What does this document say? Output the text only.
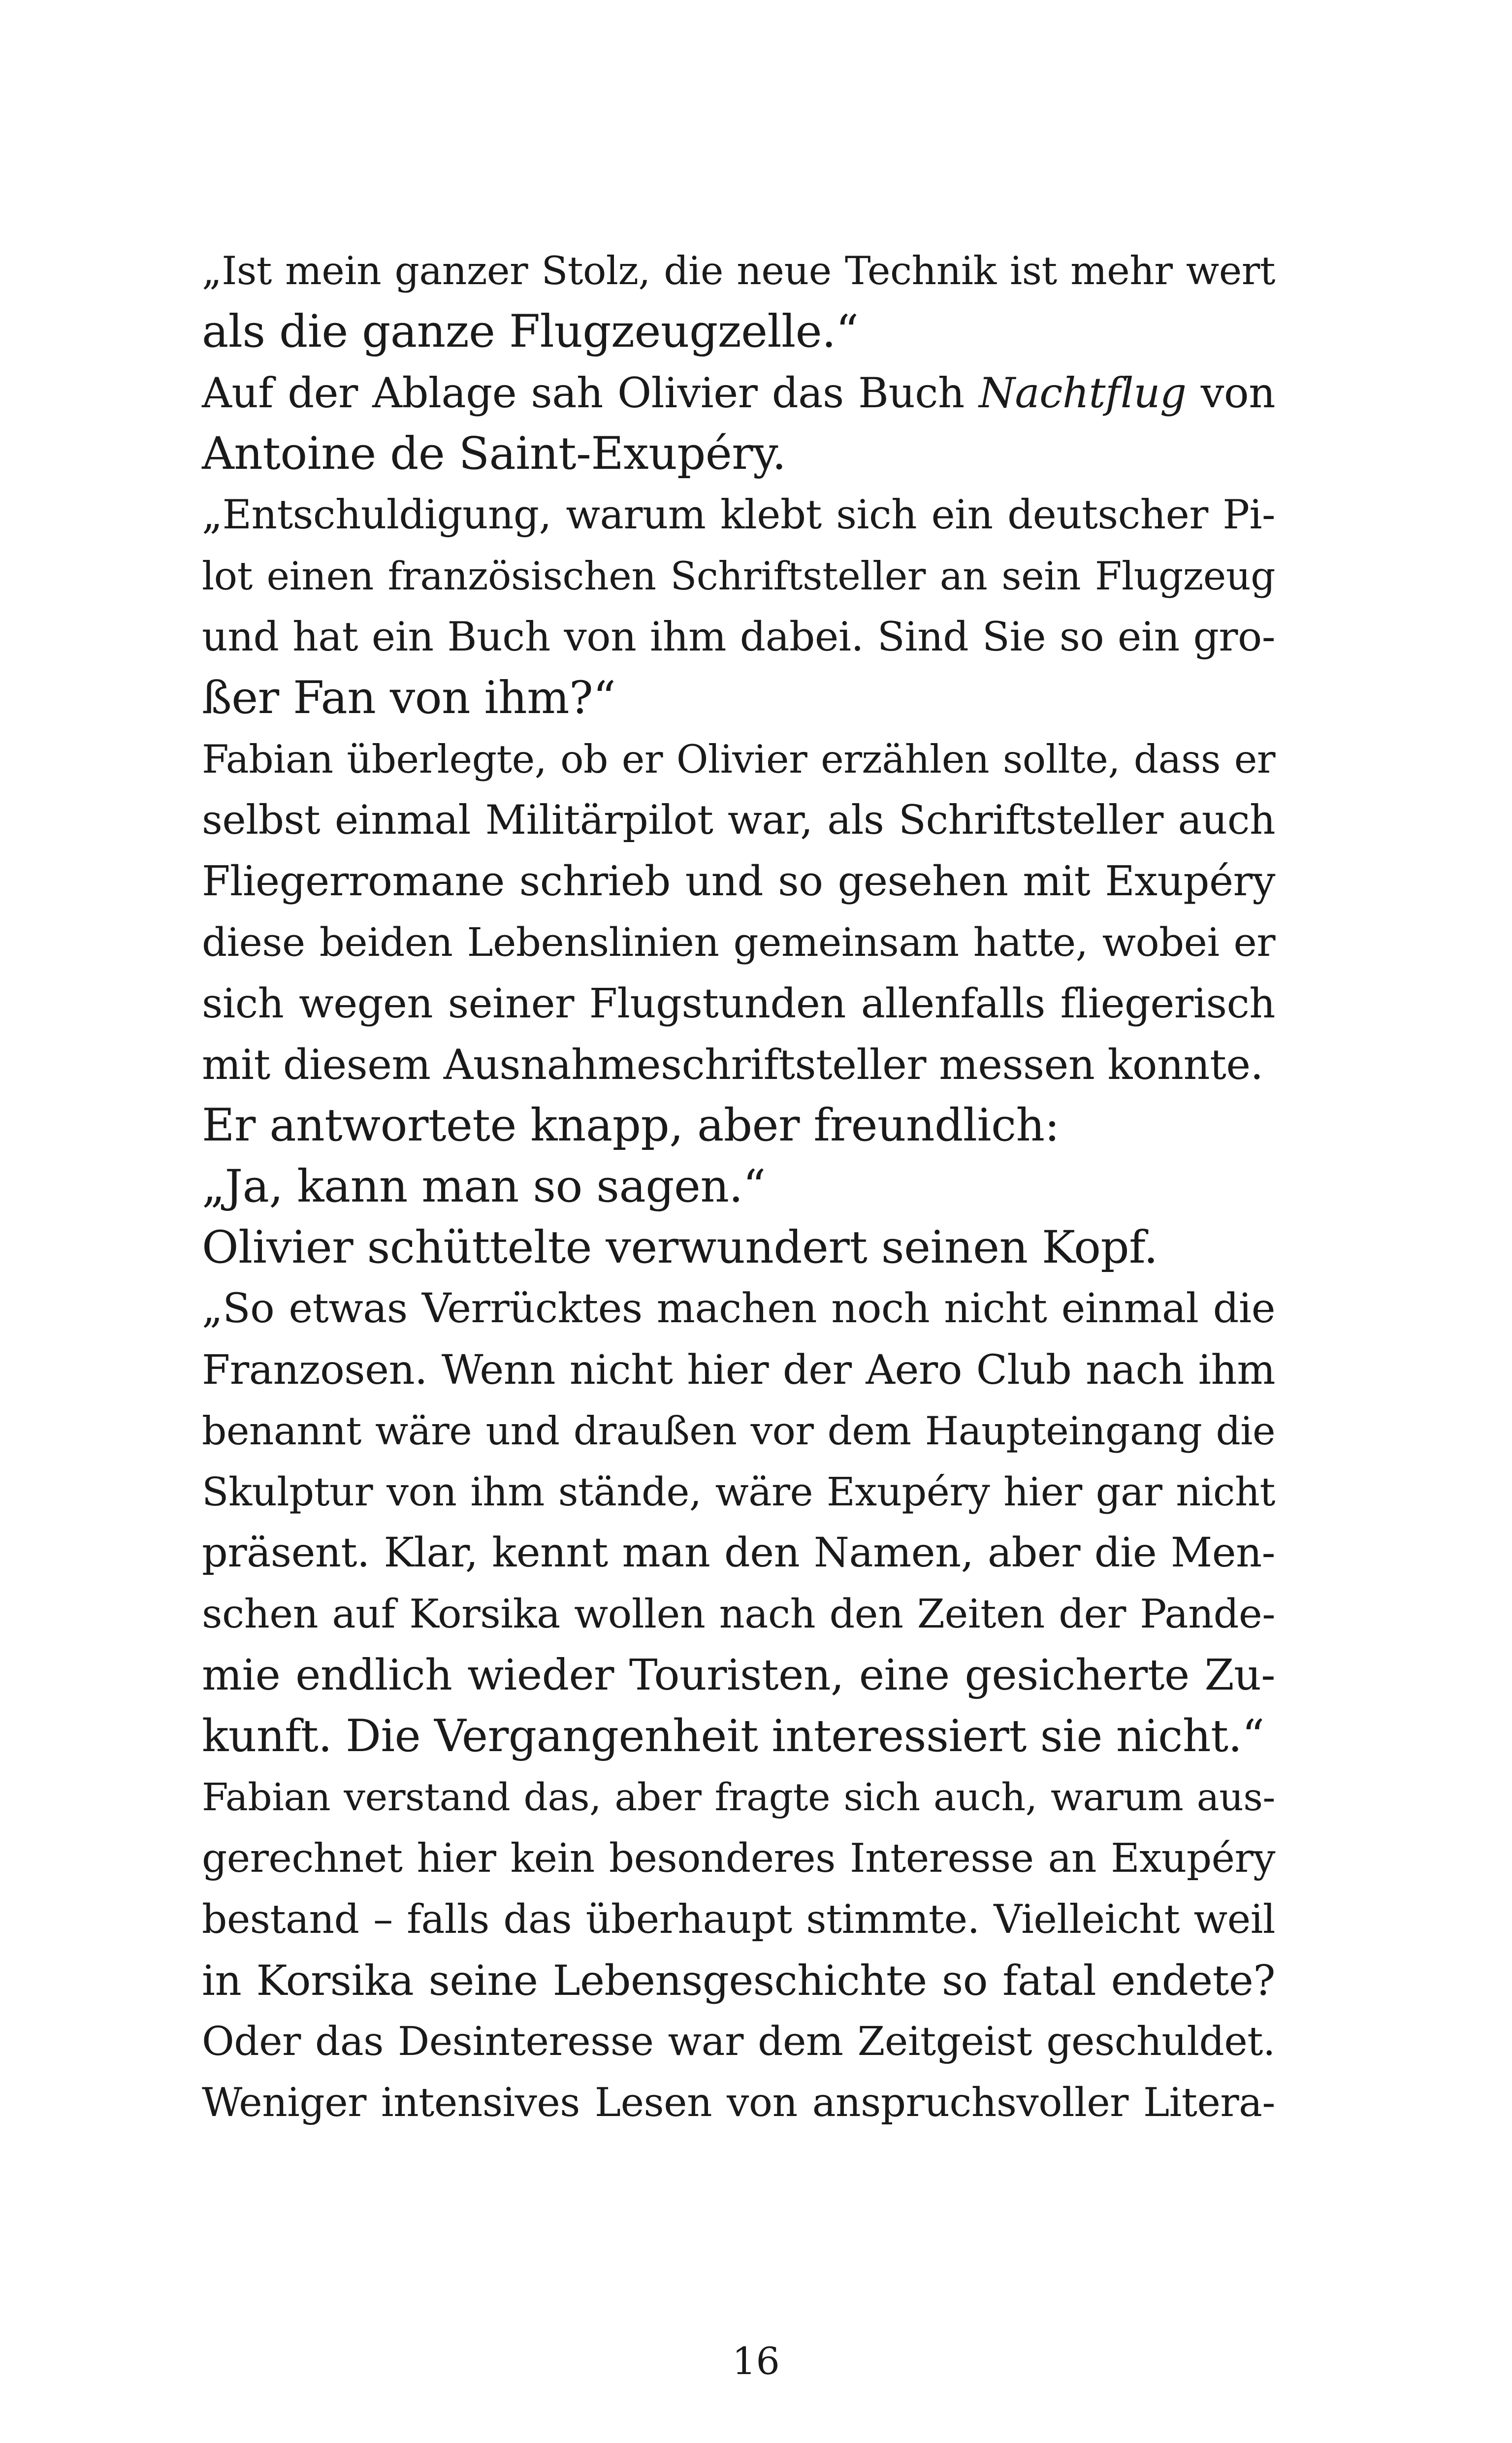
„Ist mein ganzer Stolz, die neue Technik ist mehr wert
als die ganze Flugzeugzelle.“
Auf der Ablage sah Olivier das Buch Nachtflug von
Antoine de Saint-Exupéry.
„Entschuldigung, warum klebt sich ein deutscher Pi-
lot einen französischen Schriftsteller an sein Flugzeug
und hat ein Buch von ihm dabei. Sind Sie so ein gro-
ßer Fan von ihm?“
Fabian überlegte, ob er Olivier erzählen sollte, dass er
selbst einmal Militärpilot war, als Schriftsteller auch
Fliegerromane schrieb und so gesehen mit Exupéry
diese beiden Lebenslinien gemeinsam hatte, wobei er
sich wegen seiner Flugstunden allenfalls fliegerisch
mit diesem Ausnahmeschriftsteller messen konnte.
Er antwortete knapp, aber freundlich:
„Ja, kann man so sagen.“
Olivier schüttelte verwundert seinen Kopf.
„So etwas Verrücktes machen noch nicht einmal die
Franzosen. Wenn nicht hier der Aero Club nach ihm
benannt wäre und draußen vor dem Haupteingang die
Skulptur von ihm stände, wäre Exupéry hier gar nicht
präsent. Klar, kennt man den Namen, aber die Men-
schen auf Korsika wollen nach den Zeiten der Pande-
mie endlich wieder Touristen, eine gesicherte Zu-
kunft. Die Vergangenheit interessiert sie nicht.“
Fabian verstand das, aber fragte sich auch, warum aus-
gerechnet hier kein besonderes Interesse an Exupéry
bestand – falls das überhaupt stimmte. Vielleicht weil
in Korsika seine Lebensgeschichte so fatal endete?
Oder das Desinteresse war dem Zeitgeist geschuldet.
Weniger intensives Lesen von anspruchsvoller Litera-
16
